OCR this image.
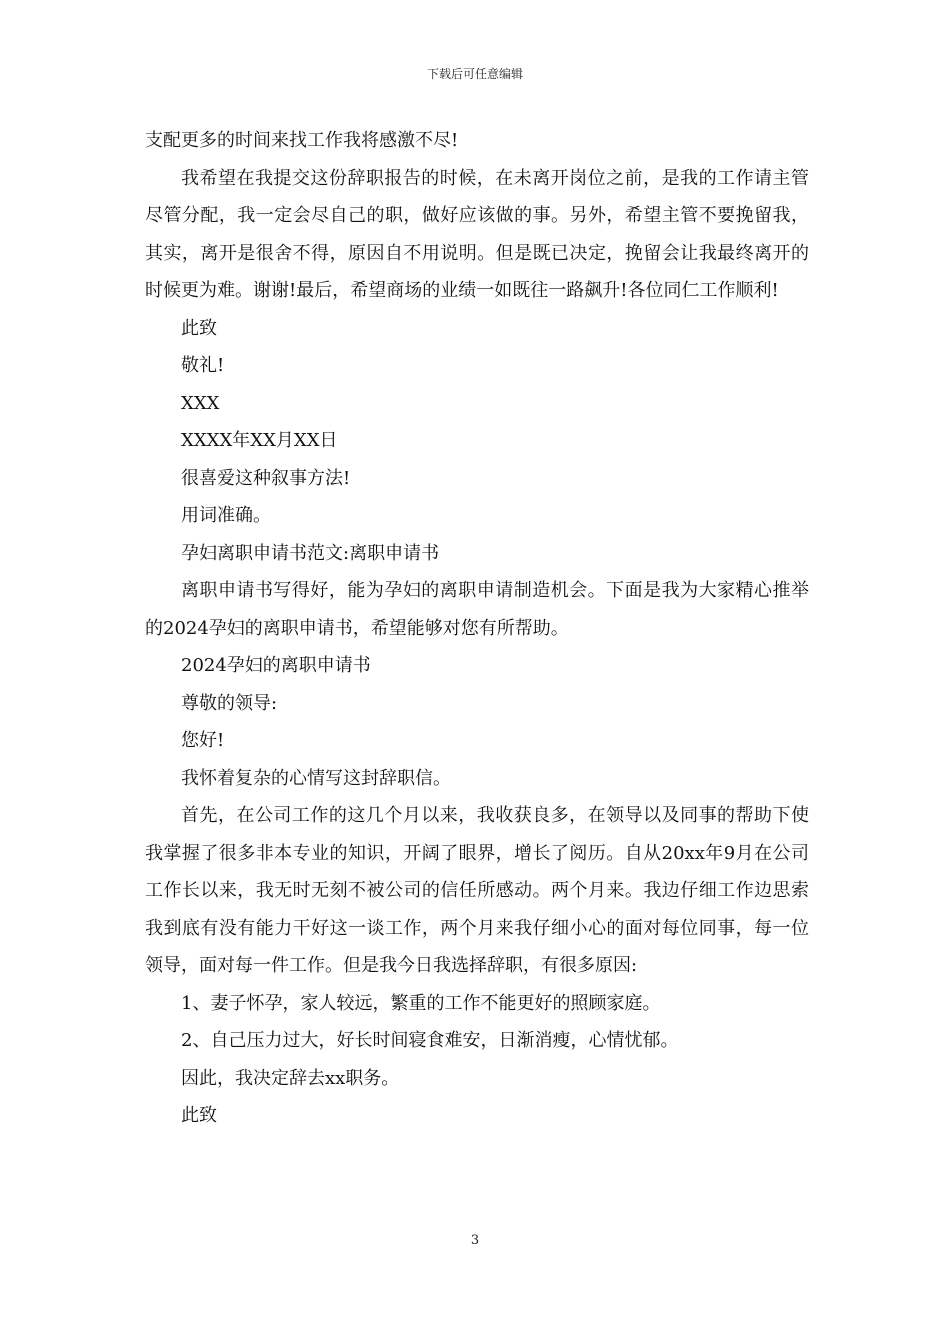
下载后可任意编辑

支配更多的时间来找工作我将感激不尽!

我希望在我提交这份辞职报告的时候，在未离开岗位之前，是我的工作请主管尽管分配，我一定会尽自己的职，做好应该做的事。另外，希望主管不要挽留我，其实，离开是很舍不得，原因自不用说明。但是既已决定，挽留会让我最终离开的时候更为难。谢谢!最后，希望商场的业绩一如既往一路飙升!各位同仁工作顺利!

此致

敬礼!

XXX

XXXX年XX月XX日

很喜爱这种叙事方法!

用词准确。

孕妇离职申请书范文:离职申请书

离职申请书写得好，能为孕妇的离职申请制造机会。下面是我为大家精心推举的2024孕妇的离职申请书，希望能够对您有所帮助。

2024孕妇的离职申请书

尊敬的领导:

您好!

我怀着复杂的心情写这封辞职信。

首先，在公司工作的这几个月以来，我收获良多，在领导以及同事的帮助下使我掌握了很多非本专业的知识，开阔了眼界，增长了阅历。自从20xx年9月在公司工作长以来，我无时无刻不被公司的信任所感动。两个月来。我边仔细工作边思索我到底有没有能力干好这一谈工作，两个月来我仔细小心的面对每位同事，每一位领导，面对每一件工作。但是我今日我选择辞职，有很多原因:

1、妻子怀孕，家人较远，繁重的工作不能更好的照顾家庭。

2、自己压力过大，好长时间寝食难安，日渐消瘦，心情忧郁。

因此，我决定辞去xx职务。

此致

3
